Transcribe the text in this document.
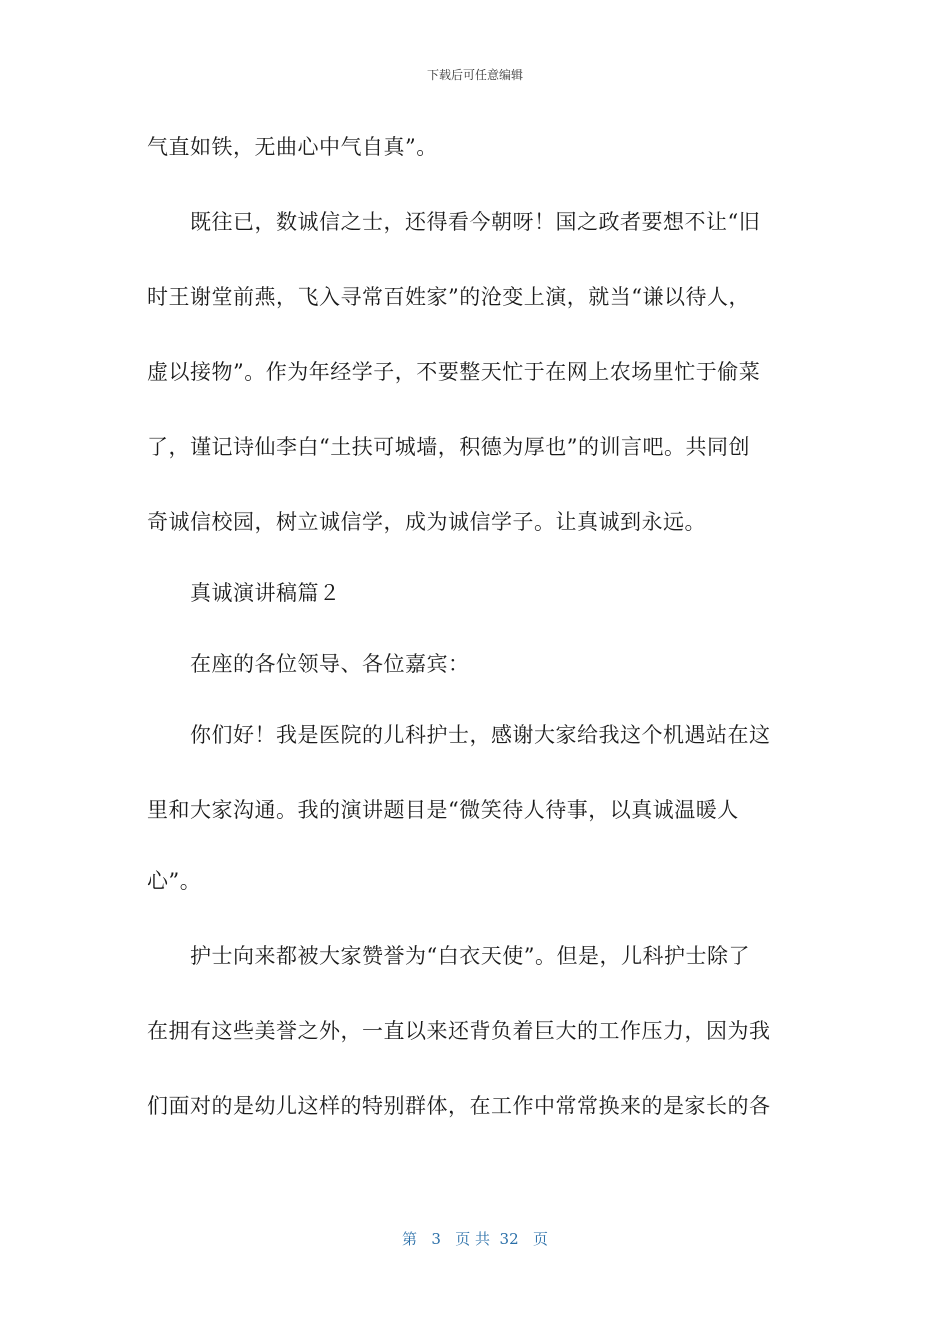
下载后可任意编辑
气直如铁，无曲心中气自真”。
既往已，数诚信之士，还得看今朝呀！国之政者要想不让“旧
时王谢堂前燕，飞入寻常百姓家”的沧变上演，就当“谦以待人，
虚以接物”。作为年经学子，不要整天忙于在网上农场里忙于偷菜
了，谨记诗仙李白“土扶可城墙，积德为厚也”的训言吧。共同创
奇诚信校园，树立诚信学，成为诚信学子。让真诚到永远。
真诚演讲稿篇２
在座的各位领导、各位嘉宾：
你们好！我是医院的儿科护士，感谢大家给我这个机遇站在这
里和大家沟通。我的演讲题目是“微笑待人待事，以真诚温暖人
心”。
护士向来都被大家赞誉为“白衣天使”。但是，儿科护士除了
在拥有这些美誉之外，一直以来还背负着巨大的工作压力，因为我
们面对的是幼儿这样的特别群体，在工作中常常换来的是家长的各
第 3 页 共 32 页
